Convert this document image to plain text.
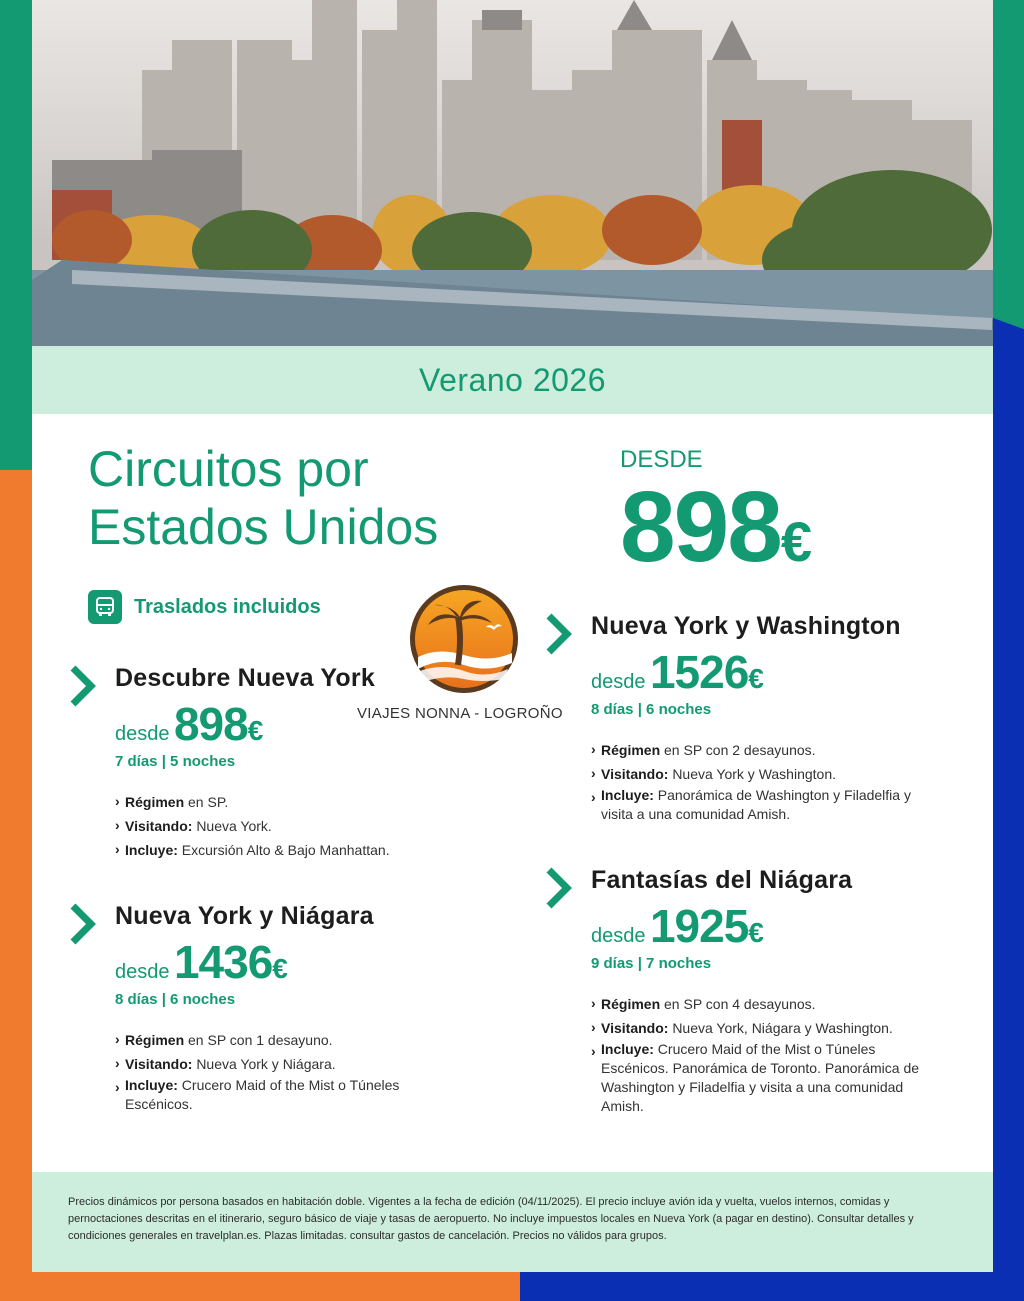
Verano 2026
Circuitos por
Estados Unidos
DESDE
898€
Traslados incluidos
VIAJES NONNA - LOGROÑO
Descubre Nueva York
desde 898€
7 días | 5 noches
› Régimen en SP.
› Visitando: Nueva York.
› Incluye: Excursión Alto & Bajo Manhattan.
Nueva York y Niágara
desde 1436€
8 días | 6 noches
› Régimen en SP con 1 desayuno.
› Visitando: Nueva York y Niágara.
› Incluye: Crucero Maid of the Mist o Túneles Escénicos.
Nueva York y Washington
desde 1526€
8 días | 6 noches
› Régimen en SP con 2 desayunos.
› Visitando: Nueva York y Washington.
› Incluye: Panorámica de Washington y Filadelfia y visita a una comunidad Amish.
Fantasías del Niágara
desde 1925€
9 días | 7 noches
› Régimen en SP con 4 desayunos.
› Visitando: Nueva York, Niágara y Washington.
› Incluye: Crucero Maid of the Mist o Túneles Escénicos. Panorámica de Toronto. Panorámica de Washington y Filadelfia y visita a una comunidad Amish.

Precios dinámicos por persona basados en habitación doble. Vigentes a la fecha de edición (04/11/2025). El precio incluye avión ida y vuelta, vuelos internos, comidas y pernoctaciones descritas en el itinerario, seguro básico de viaje y tasas de aeropuerto. No incluye impuestos locales en Nueva York (a pagar en destino). Consultar detalles y condiciones generales en travelplan.es. Plazas limitadas. consultar gastos de cancelación. Precios no válidos para grupos.
